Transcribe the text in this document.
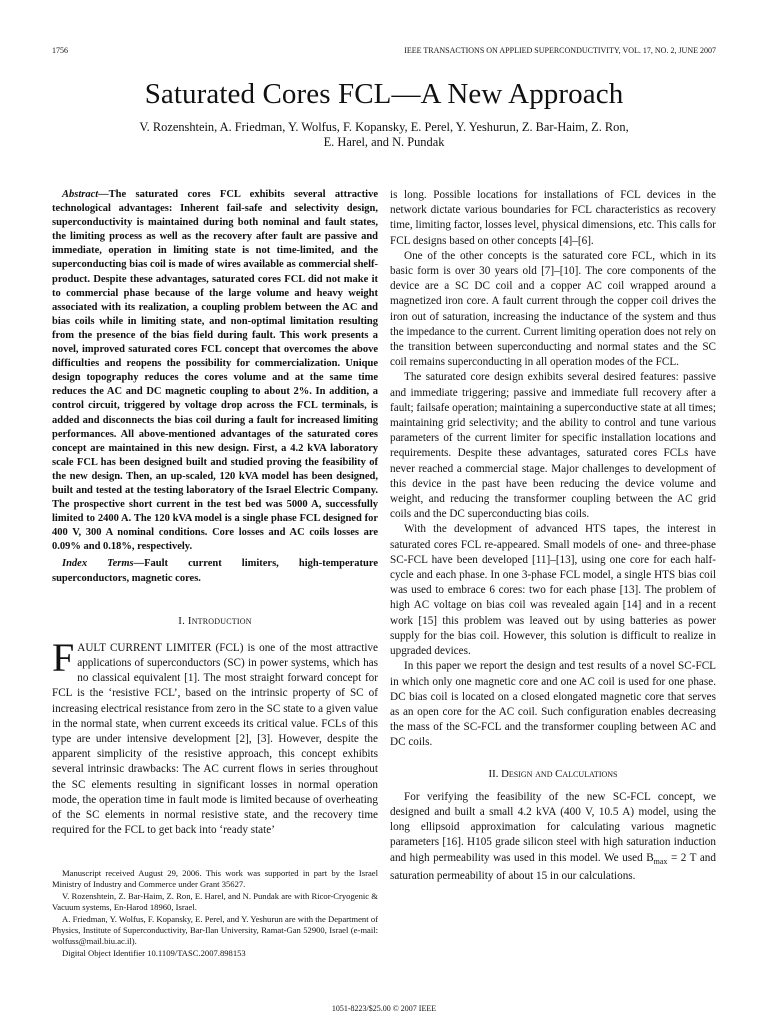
1756	IEEE TRANSACTIONS ON APPLIED SUPERCONDUCTIVITY, VOL. 17, NO. 2, JUNE 2007
Saturated Cores FCL—A New Approach
V. Rozenshtein, A. Friedman, Y. Wolfus, F. Kopansky, E. Perel, Y. Yeshurun, Z. Bar-Haim, Z. Ron,
E. Harel, and N. Pundak

Abstract—The saturated cores FCL exhibits several attractive technological advantages: Inherent fail-safe and selectivity design, superconductivity is maintained during both nominal and fault states, the limiting process as well as the recovery after fault are passive and immediate, operation in limiting state is not time-limited, and the superconducting bias coil is made of wires available as commercial shelf-product. Despite these advantages, saturated cores FCL did not make it to commercial phase because of the large volume and heavy weight associated with its realization, a coupling problem between the AC and bias coils while in limiting state, and non-optimal limitation resulting from the presence of the bias field during fault. This work presents a novel, improved saturated cores FCL concept that overcomes the above difficulties and reopens the possibility for commercialization. Unique design topography reduces the cores volume and at the same time reduces the AC and DC magnetic coupling to about 2%. In addition, a control circuit, triggered by voltage drop across the FCL terminals, is added and disconnects the bias coil during a fault for increased limiting performances. All above-mentioned advantages of the saturated cores concept are maintained in this new design. First, a 4.2 kVA laboratory scale FCL has been designed built and studied proving the feasibility of the new design. Then, an up-scaled, 120 kVA model has been designed, built and tested at the testing laboratory of the Israel Electric Company. The prospective short current in the test bed was 5000 A, successfully limited to 2400 A. The 120 kVA model is a single phase FCL designed for 400 V, 300 A nominal conditions. Core losses and AC coils losses are 0.09% and 0.18%, respectively.

Index Terms—Fault current limiters, high-temperature superconductors, magnetic cores.

I. Introduction

FAULT CURRENT LIMITER (FCL) is one of the most attractive applications of superconductors (SC) in power systems, which has no classical equivalent [1]. The most straight forward concept for FCL is the ‘resistive FCL’, based on the intrinsic property of SC of increasing electrical resistance from zero in the SC state to a given value in the normal state, when current exceeds its critical value. FCLs of this type are under intensive development [2], [3]. However, despite the apparent simplicity of the resistive approach, this concept exhibits several intrinsic drawbacks: The AC current flows in series throughout the SC elements resulting in significant losses in normal operation mode, the operation time in fault mode is limited because of overheating of the SC elements in normal resistive state, and the recovery time required for the FCL to get back into ‘ready state’

Manuscript received August 29, 2006. This work was supported in part by the Israel Ministry of Industry and Commerce under Grant 35627.

V. Rozenshtein, Z. Bar-Haim, Z. Ron, E. Harel, and N. Pundak are with Ricor-Cryogenic & Vacuum systems, En-Harod 18960, Israel.

A. Friedman, Y. Wolfus, F. Kopansky, E. Perel, and Y. Yeshurun are with the Department of Physics, Institute of Superconductivity, Bar-Ilan University, Ramat-Gan 52900, Israel (e-mail: wolfuss@mail.biu.ac.il).

Digital Object Identifier 10.1109/TASC.2007.898153

is long. Possible locations for installations of FCL devices in the network dictate various boundaries for FCL characteristics as recovery time, limiting factor, losses level, physical dimensions, etc. This calls for FCL designs based on other concepts [4]–[6].

One of the other concepts is the saturated core FCL, which in its basic form is over 30 years old [7]–[10]. The core components of the device are a SC DC coil and a copper AC coil wrapped around a magnetized iron core. A fault current through the copper coil drives the iron out of saturation, increasing the inductance of the system and thus the impedance to the current. Current limiting operation does not rely on the transition between superconducting and normal states and the SC coil remains superconducting in all operation modes of the FCL.

The saturated core design exhibits several desired features: passive and immediate triggering; passive and immediate full recovery after a fault; failsafe operation; maintaining a superconductive state at all times; maintaining grid selectivity; and the ability to control and tune various parameters of the current limiter for specific installation locations and requirements. Despite these advantages, saturated cores FCLs have never reached a commercial stage. Major challenges to development of this device in the past have been reducing the device volume and weight, and reducing the transformer coupling between the AC grid coils and the DC superconducting bias coils.

With the development of advanced HTS tapes, the interest in saturated cores FCL re-appeared. Small models of one- and three-phase SC-FCL have been developed [11]–[13], using one core for each half-cycle and each phase. In one 3-phase FCL model, a single HTS bias coil was used to embrace 6 cores: two for each phase [13]. The problem of high AC voltage on bias coil was revealed again [14] and in a recent work [15] this problem was leaved out by using batteries as power supply for the bias coil. However, this solution is difficult to realize in upgraded devices.

In this paper we report the design and test results of a novel SC-FCL in which only one magnetic core and one AC coil is used for one phase. DC bias coil is located on a closed elongated magnetic core that serves as an open core for the AC coil. Such configuration enables decreasing the mass of the SC-FCL and the transformer coupling between AC and DC coils.

II. Design and Calculations

For verifying the feasibility of the new SC-FCL concept, we designed and built a small 4.2 kVA (400 V, 10.5 A) model, using the long ellipsoid approximation for calculating various magnetic parameters [16]. H105 grade silicon steel with high saturation induction and high permeability was used in this model. We used $B_{max} = 2$ T and saturation permeability of about 15 in our calculations.

1051-8223/$25.00 © 2007 IEEE
